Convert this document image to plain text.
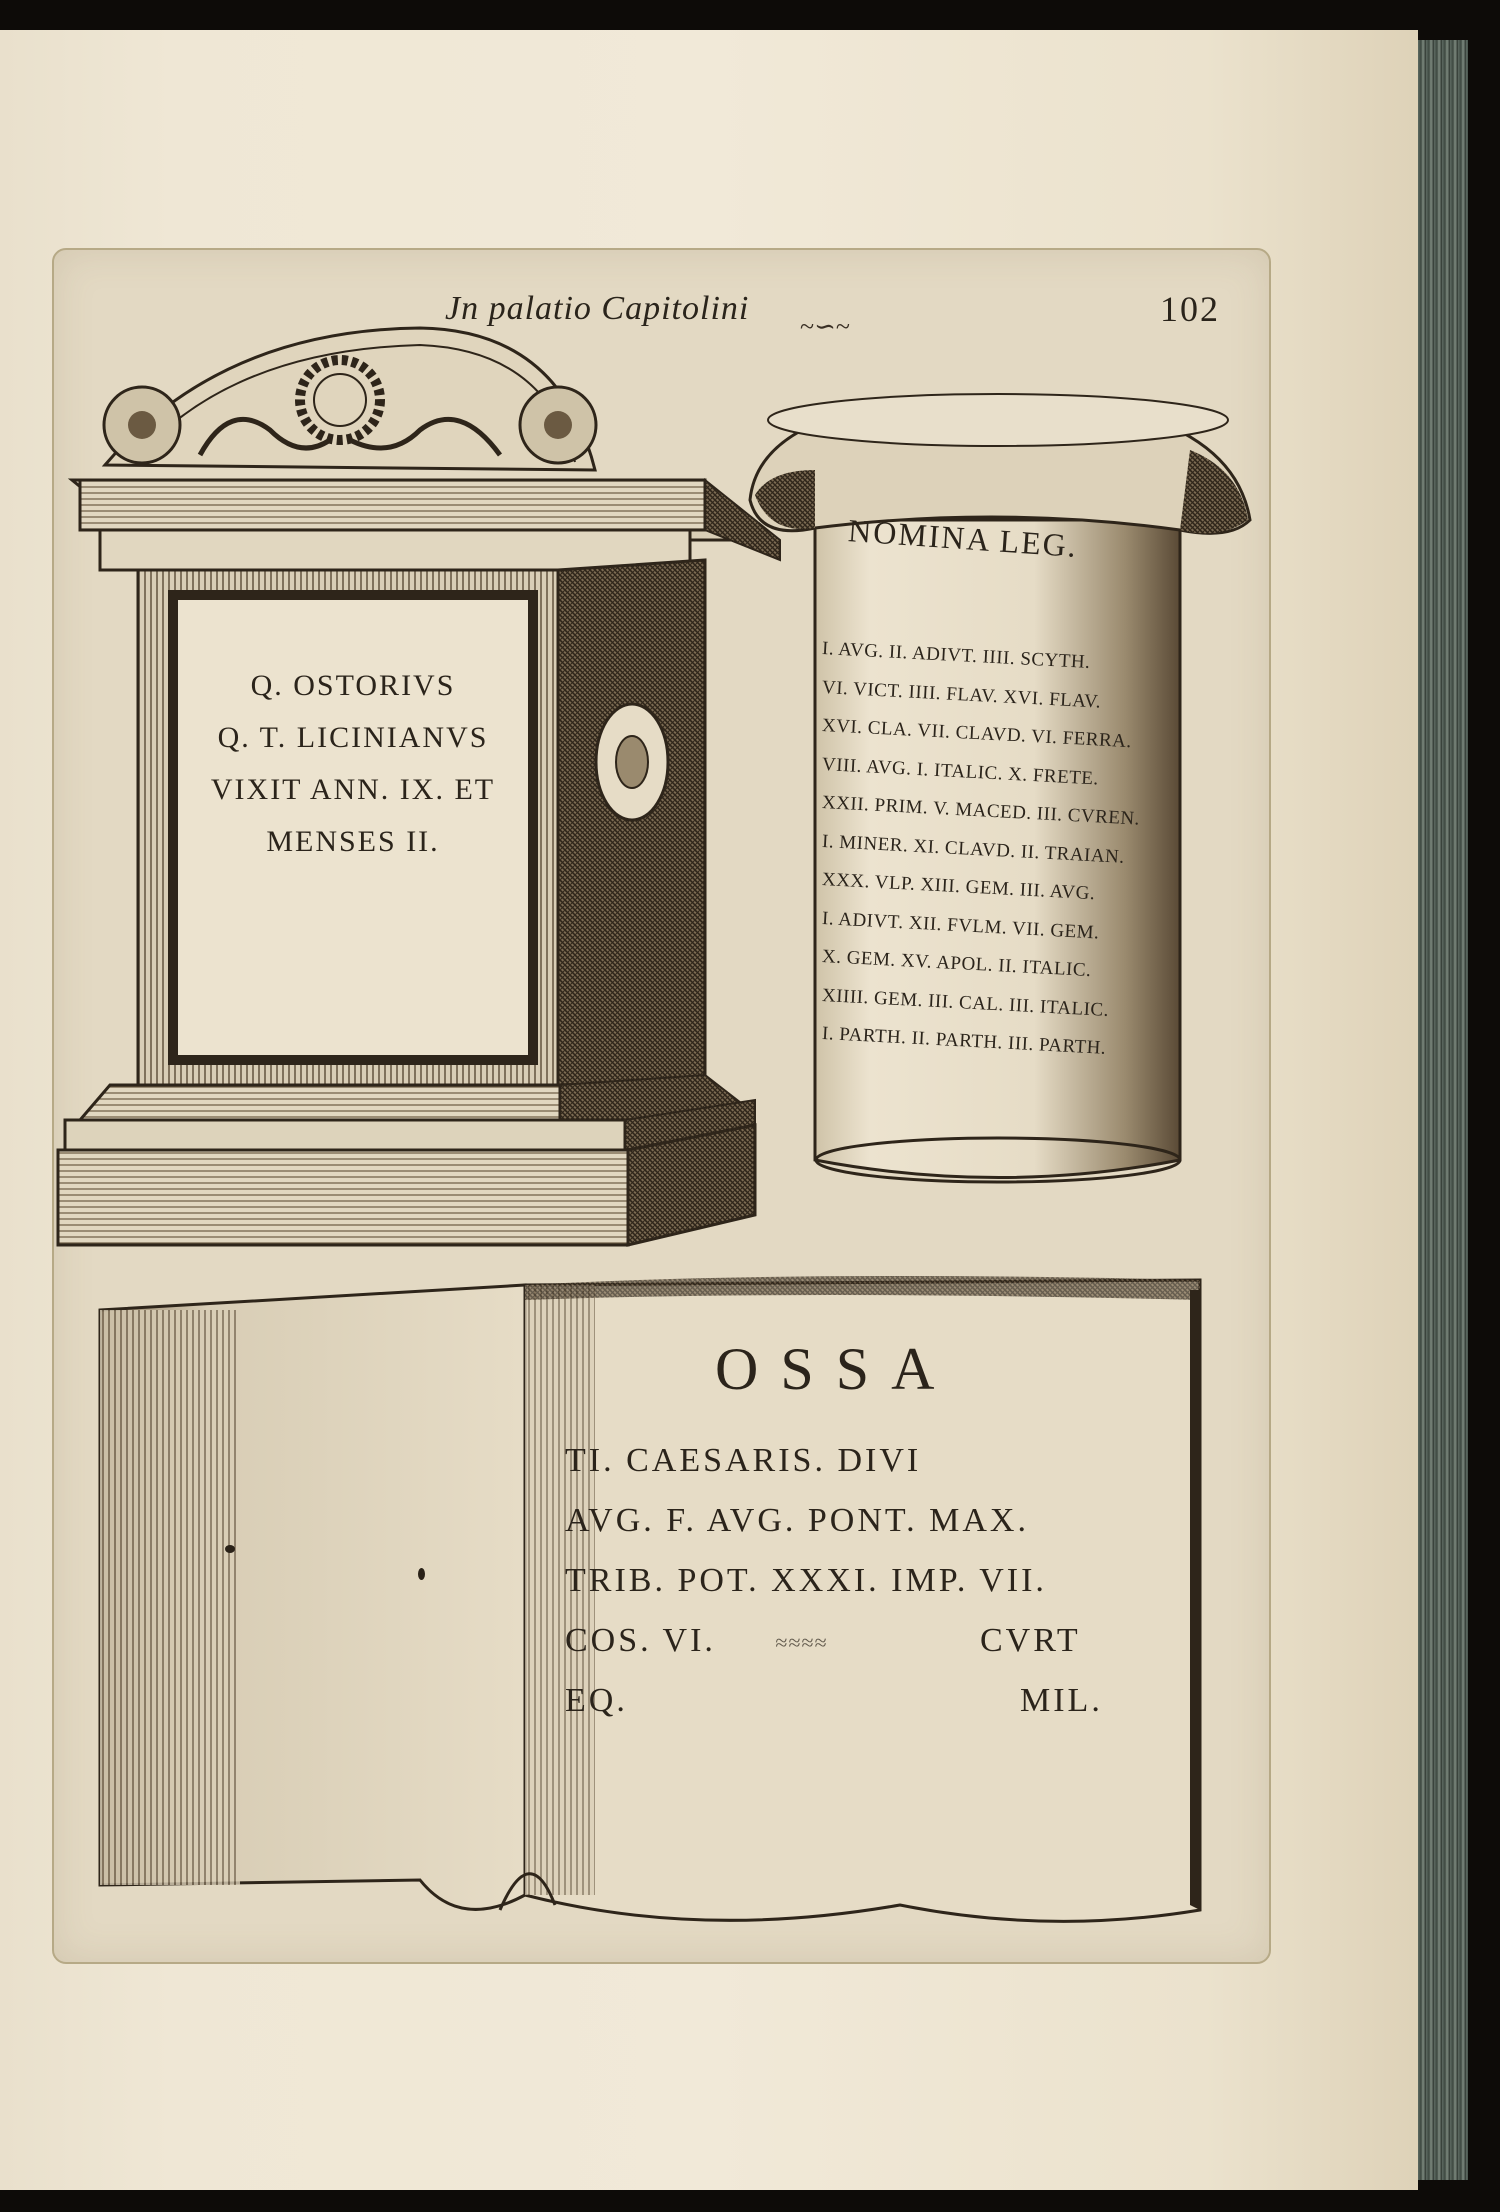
Jn palatio Capitolini ~∽~	102
Q. OSTORIVS
Q. T. LICINIANVS
VIXIT ANN. IX. ET
MENSES II.
NOMINA LEG.
I. AVG. II. ADIVT. IIII. SCYTH.
VI. VICT. IIII. FLAV. XVI. FLAV.
XVI. CLA. VII. CLAVD. VI. FERRA.
VIII. AVG. I. ITALIC. X. FRETE.
XXII. PRIM. V. MACED. III. CVREN.
I. MINER. XI. CLAVD. II. TRAIAN.
XXX. VLP. XIII. GEM. III. AVG.
I. ADIVT. XII. FVLM. VII. GEM.
X. GEM. XV. APOL. II. ITALIC.
XIIII. GEM. III. CAL. III. ITALIC.
I. PARTH. II. PARTH. III. PARTH.
OSSA
TI. CAESARIS. DIVI
AVG. F. AVG. PONT. MAX.
TRIB. POT. XXXI. IMP. VII.
COS. VI.	≈≈≈≈	CVRT
EQ.	MIL.
